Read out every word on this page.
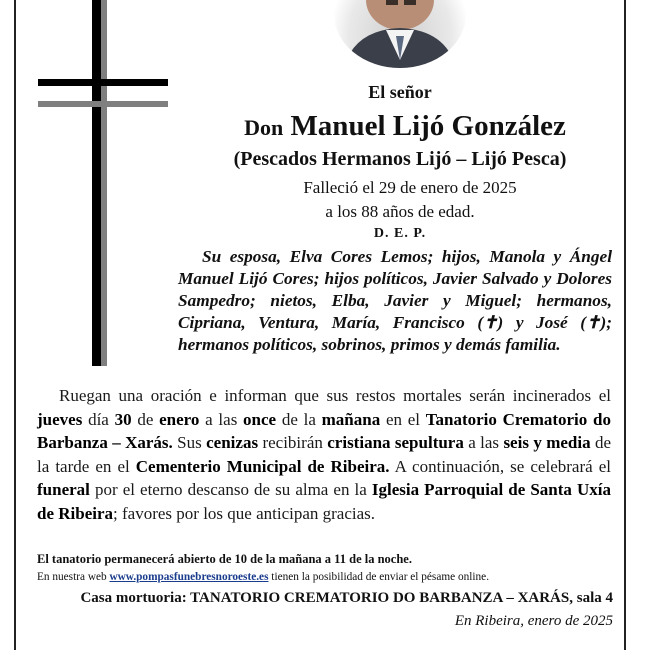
El señor
Don Manuel Lijó González
(Pescados Hermanos Lijó – Lijó Pesca)
Falleció el 29 de enero de 2025
a los 88 años de edad.
D. E. P.
Su esposa, Elva Cores Lemos; hijos, Manola y Ángel Manuel Lijó Cores; hijos políticos, Javier Salvado y Dolores Sampedro; nietos, Elba, Javier y Miguel; hermanos, Cipriana, Ventura, María, Francisco (✝) y José (✝); hermanos políticos, sobrinos, primos y demás familia.
Ruegan una oración e informan que sus restos mortales serán incinerados el jueves día 30 de enero a las once de la mañana en el Tanatorio Crematorio do Barbanza – Xarás. Sus cenizas recibirán cristiana sepultura a las seis y media de la tarde en el Cementerio Municipal de Ribeira. A continuación, se celebrará el funeral por el eterno descanso de su alma en la Iglesia Parroquial de Santa Uxía de Ribeira; favores por los que anticipan gracias.
El tanatorio permanecerá abierto de 10 de la mañana a 11 de la noche.
En nuestra web www.pompasfunebresnoroeste.es tienen la posibilidad de enviar el pésame online.
Casa mortuoria: TANATORIO CREMATORIO DO BARBANZA – XARÁS, sala 4
En Ribeira, enero de 2025
